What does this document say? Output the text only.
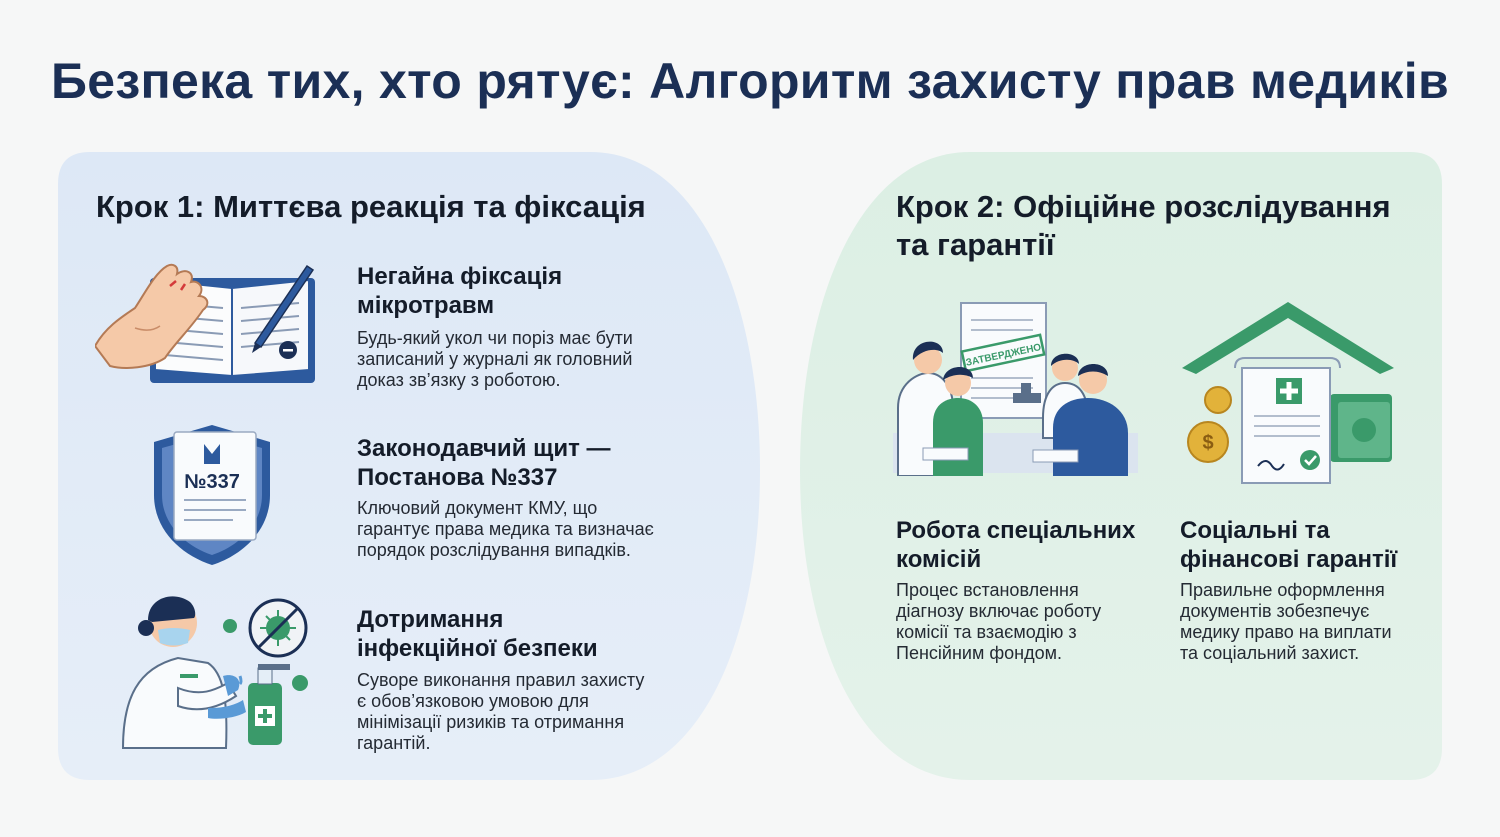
Безпека тих, хто рятує: Алгоритм захисту прав медиків
Крок 1: Миттєва реакція та фіксація
Негайна фіксація
мікротравм
Будь-який укол чи поріз має бути
записаний у журналі як головний
доказ зв’язку з роботою.
№337
Законодавчий щит —
Постанова №337
Ключовий документ КМУ, що
гарантує права медика та визначає
порядок розслідування випадків.
Дотримання
інфекційної безпеки
Суворе виконання правил захисту
є обов’язковою умовою для
мінімізації ризиків та отримання
гарантій.
Крок 2: Офіційне розслідування
та гарантії
ЗАТВЕРДЖЕНО
Робота спеціальних
комісій
Процес встановлення
діагнозу включає роботу
комісії та взаємодію з
Пенсійним фондом.
$
Соціальні та
фінансові гарантії
Правильне оформлення
документів зобезпечує
медику право на виплати
та соціальний захист.
